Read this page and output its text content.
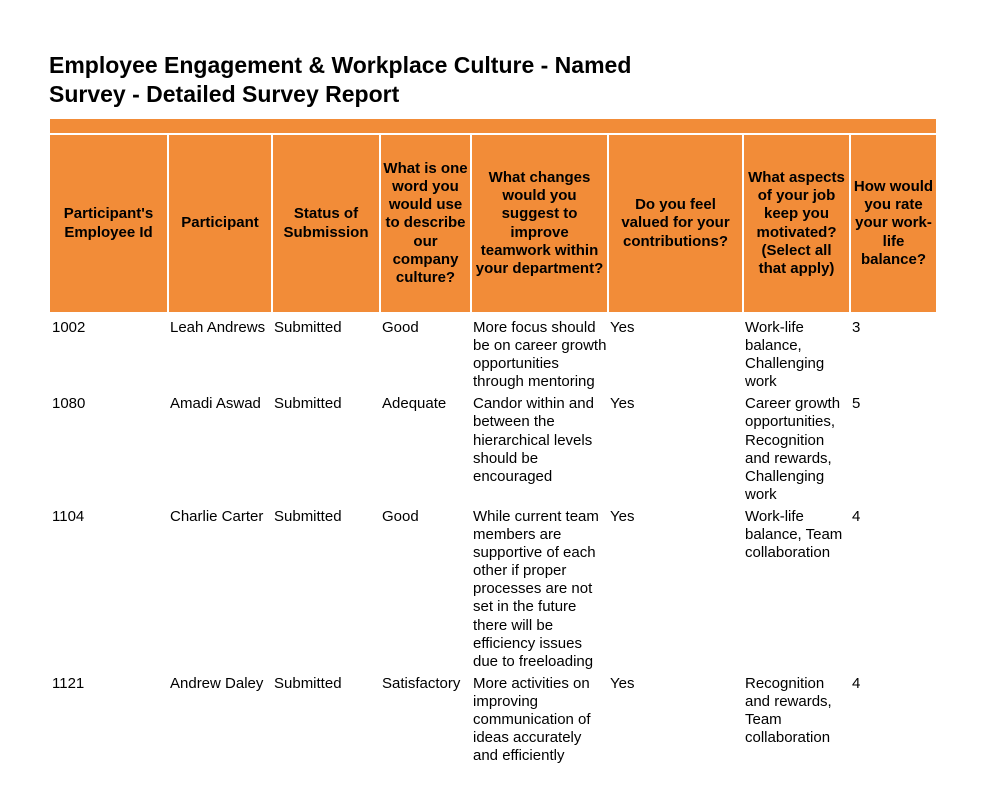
Employee Engagement & Workplace Culture - Named
Survey - Detailed Survey Report
Participant's Employee Id	Participant	Status of Submission	What is one word you would use to describe our company culture?	What changes would you suggest to improve teamwork within your department?	Do you feel valued for your contributions?	What aspects of your job keep you motivated? (Select all that apply)	How would you rate your work-life balance?
1002	Leah Andrews	Submitted	Good	More focus should be on career growth opportunities through mentoring	Yes	Work-life balance, Challenging work	3
1080	Amadi Aswad	Submitted	Adequate	Candor within and between the hierarchical levels should be encouraged	Yes	Career growth opportunities, Recognition and rewards, Challenging work	5
1104	Charlie Carter	Submitted	Good	While current team members are supportive of each other if proper processes are not set in the future there will be efficiency issues due to freeloading	Yes	Work-life balance, Team collaboration	4
1121	Andrew Daley	Submitted	Satisfactory	More activities on improving communication of ideas accurately and efficiently	Yes	Recognition and rewards, Team collaboration	4
